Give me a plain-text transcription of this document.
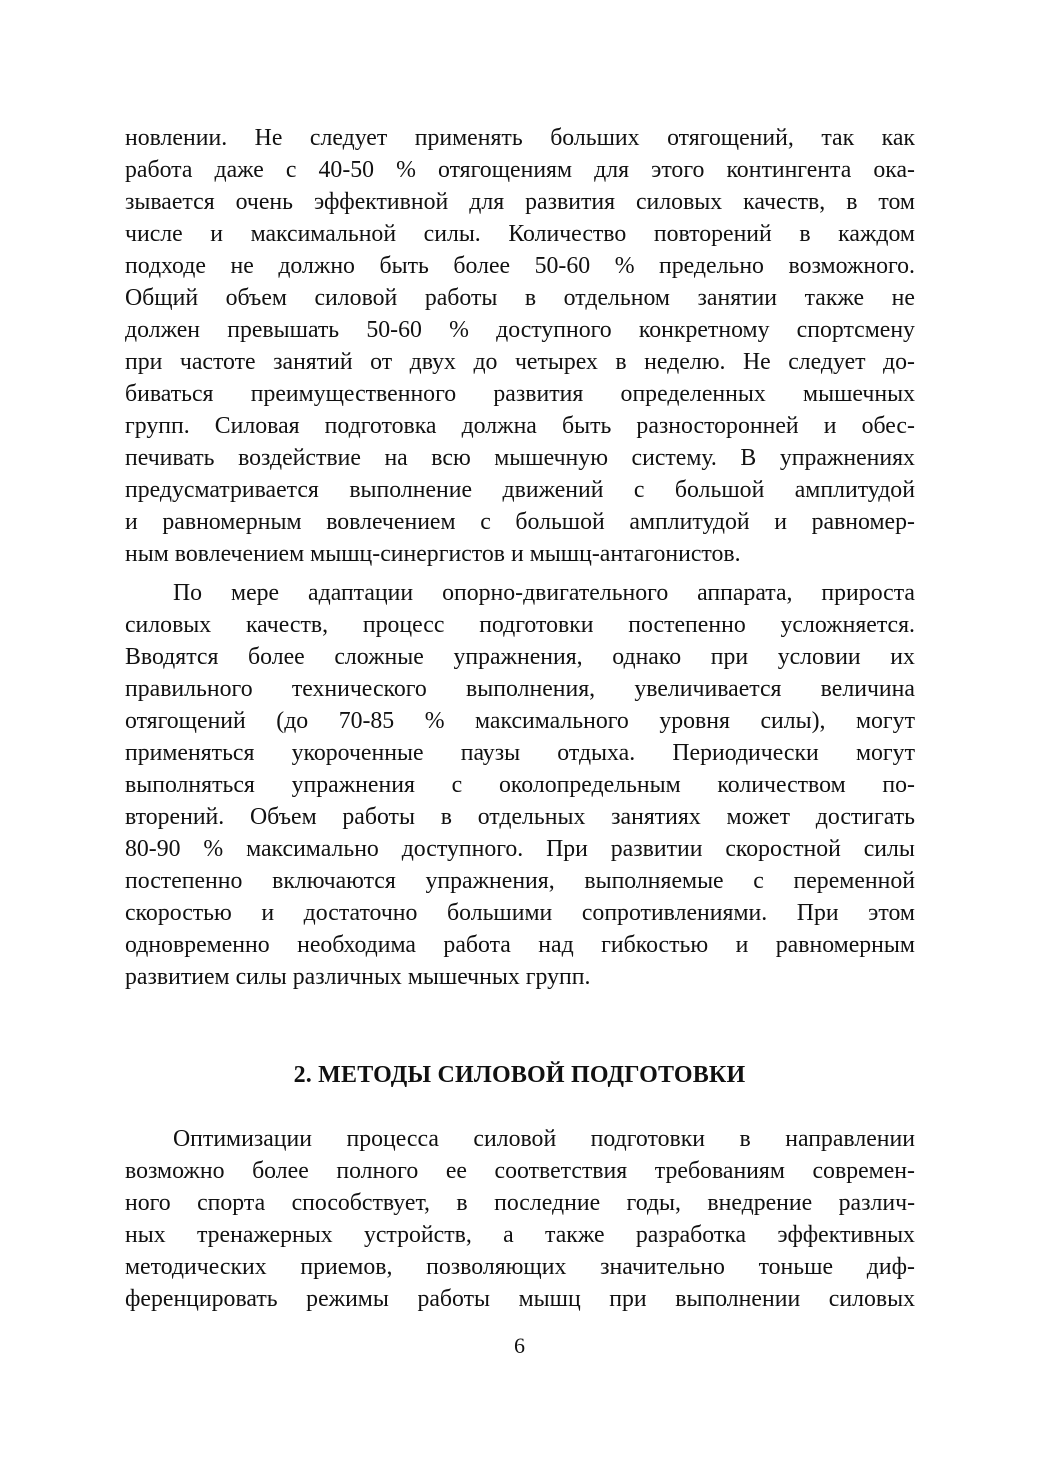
новлении. Не следует применять больших отягощений, так как
работа даже с 40-50 % отягощениям для этого контингента ока-
зывается очень эффективной для развития силовых качеств, в том
числе и максимальной силы. Количество повторений в каждом
подходе не должно быть более 50-60 % предельно возможного.
Общий объем силовой работы в отдельном занятии также не
должен превышать 50-60 % доступного конкретному спортсмену
при частоте занятий от двух до четырех в неделю. Не следует до-
биваться преимущественного развития определенных мышечных
групп. Силовая подготовка должна быть разносторонней и обес-
печивать воздействие на всю мышечную систему. В упражнениях
предусматривается выполнение движений с большой амплитудой
и равномерным вовлечением с большой амплитудой и равномер-
ным вовлечением мышц-синергистов и мышц-антагонистов.
По мере адаптации опорно-двигательного аппарата, прироста
силовых качеств, процесс подготовки постепенно усложняется.
Вводятся более сложные упражнения, однако при условии их
правильного технического выполнения, увеличивается величина
отягощений (до 70-85 % максимального уровня силы), могут
применяться укороченные паузы отдыха. Периодически могут
выполняться упражнения с околопредельным количеством по-
вторений. Объем работы в отдельных занятиях может достигать
80-90 % максимально доступного. При развитии скоростной силы
постепенно включаются упражнения, выполняемые с переменной
скоростью и достаточно большими сопротивлениями. При этом
одновременно необходима работа над гибкостью и равномерным
развитием силы различных мышечных групп.
2. МЕТОДЫ СИЛОВОЙ ПОДГОТОВКИ
Оптимизации процесса силовой подготовки в направлении
возможно более полного ее соответствия требованиям современ-
ного спорта способствует, в последние годы, внедрение различ-
ных тренажерных устройств, а также разработка эффективных
методических приемов, позволяющих значительно тоньше диф-
ференцировать режимы работы мышц при выполнении силовых
6
